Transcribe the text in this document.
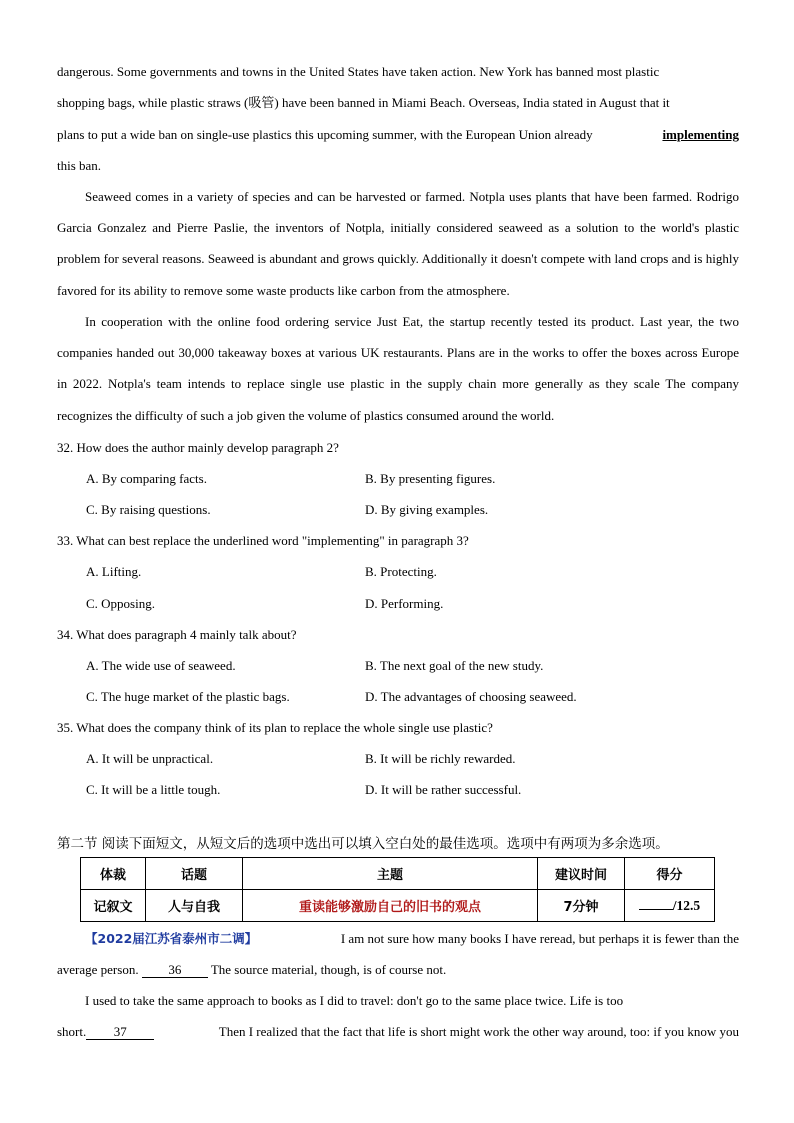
dangerous. Some governments and towns in the United States have taken action. New York has banned most plastic
shopping bags, while plastic straws (吸管) have been banned in Miami Beach. Overseas, India stated in August that it
plans to put a wide ban on single-use plastics this upcoming summer, with the European Union already	implementing
this ban.

Seaweed comes in a variety of species and can be harvested or farmed. Notpla uses plants that have been farmed. Rodrigo Garcia Gonzalez and Pierre Paslie, the inventors of Notpla, initially considered seaweed as a solution to the world's plastic problem for several reasons. Seaweed is abundant and grows quickly. Additionally it doesn't compete with land crops and is highly favored for its ability to remove some waste products like carbon from the atmosphere.

In cooperation with the online food ordering service Just Eat, the startup recently tested its product. Last year, the two companies handed out 30,000 takeaway boxes at various UK restaurants. Plans are in the works to offer the boxes across Europe in 2022. Notpla's team intends to replace single use plastic in the supply chain more generally as they scale The company recognizes the difficulty of such a job given the volume of plastics consumed around the world.

32. How does the author mainly develop paragraph 2?
A. By comparing facts.	B. By presenting figures.
C. By raising questions.	D. By giving examples.
33. What can best replace the underlined word "implementing" in paragraph 3?
A. Lifting.	B. Protecting.
C. Opposing.	D. Performing.
34. What does paragraph 4 mainly talk about?
A. The wide use of seaweed.	B. The next goal of the new study.
C. The huge market of the plastic bags.	D. The advantages of choosing seaweed.
35. What does the company think of its plan to replace the whole single use plastic?
A. It will be unpractical.	B. It will be richly rewarded.
C. It will be a little tough.	D. It will be rather successful.
第二节 阅读下面短文，从短文后的选项中选出可以填入空白处的最佳选项。选项中有两项为多余选项。
体裁	话题	主题	建议时间	得分
记叙文	人与自我	重读能够激励自己的旧书的观点	7分钟	/12.5
【2022届江苏省泰州市二调】	I am not sure how many books I have reread, but perhaps it is fewer than the
average person. 36 The source material, though, is of course not.
I used to take the same approach to books as I did to travel: don't go to the same place twice. Life is too
short. 37	Then I realized that the fact that life is short might work the other way around, too: if you know you
